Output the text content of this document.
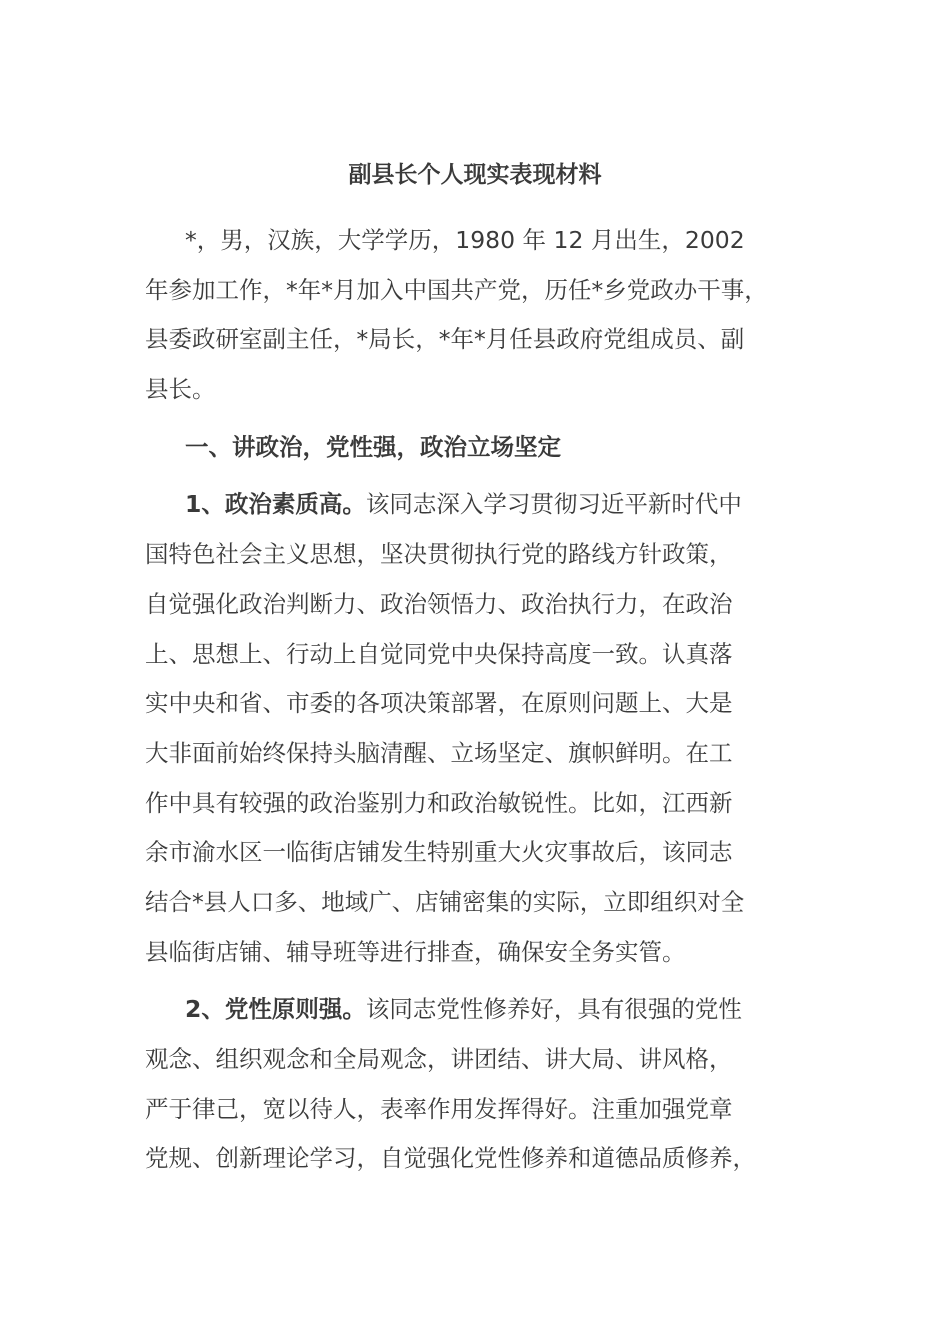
副县长个人现实表现材料
*，男，汉族，大学学历，1980 年 12 月出生，2002
年参加工作，*年*月加入中国共产党，历任*乡党政办干事，
县委政研室副主任，*局长，*年*月任县政府党组成员、副
县长。
一、讲政治，党性强，政治立场坚定
1、政治素质高。该同志深入学习贯彻习近平新时代中
国特色社会主义思想，坚决贯彻执行党的路线方针政策，
自觉强化政治判断力、政治领悟力、政治执行力，在政治
上、思想上、行动上自觉同党中央保持高度一致。认真落
实中央和省、市委的各项决策部署，在原则问题上、大是
大非面前始终保持头脑清醒、立场坚定、旗帜鲜明。在工
作中具有较强的政治鉴别力和政治敏锐性。比如，江西新
余市渝水区一临街店铺发生特别重大火灾事故后，该同志
结合*县人口多、地域广、店铺密集的实际，立即组织对全
县临街店铺、辅导班等进行排查，确保安全务实管。
2、党性原则强。该同志党性修养好，具有很强的党性
观念、组织观念和全局观念，讲团结、讲大局、讲风格，
严于律己，宽以待人，表率作用发挥得好。注重加强党章
党规、创新理论学习，自觉强化党性修养和道德品质修养，
